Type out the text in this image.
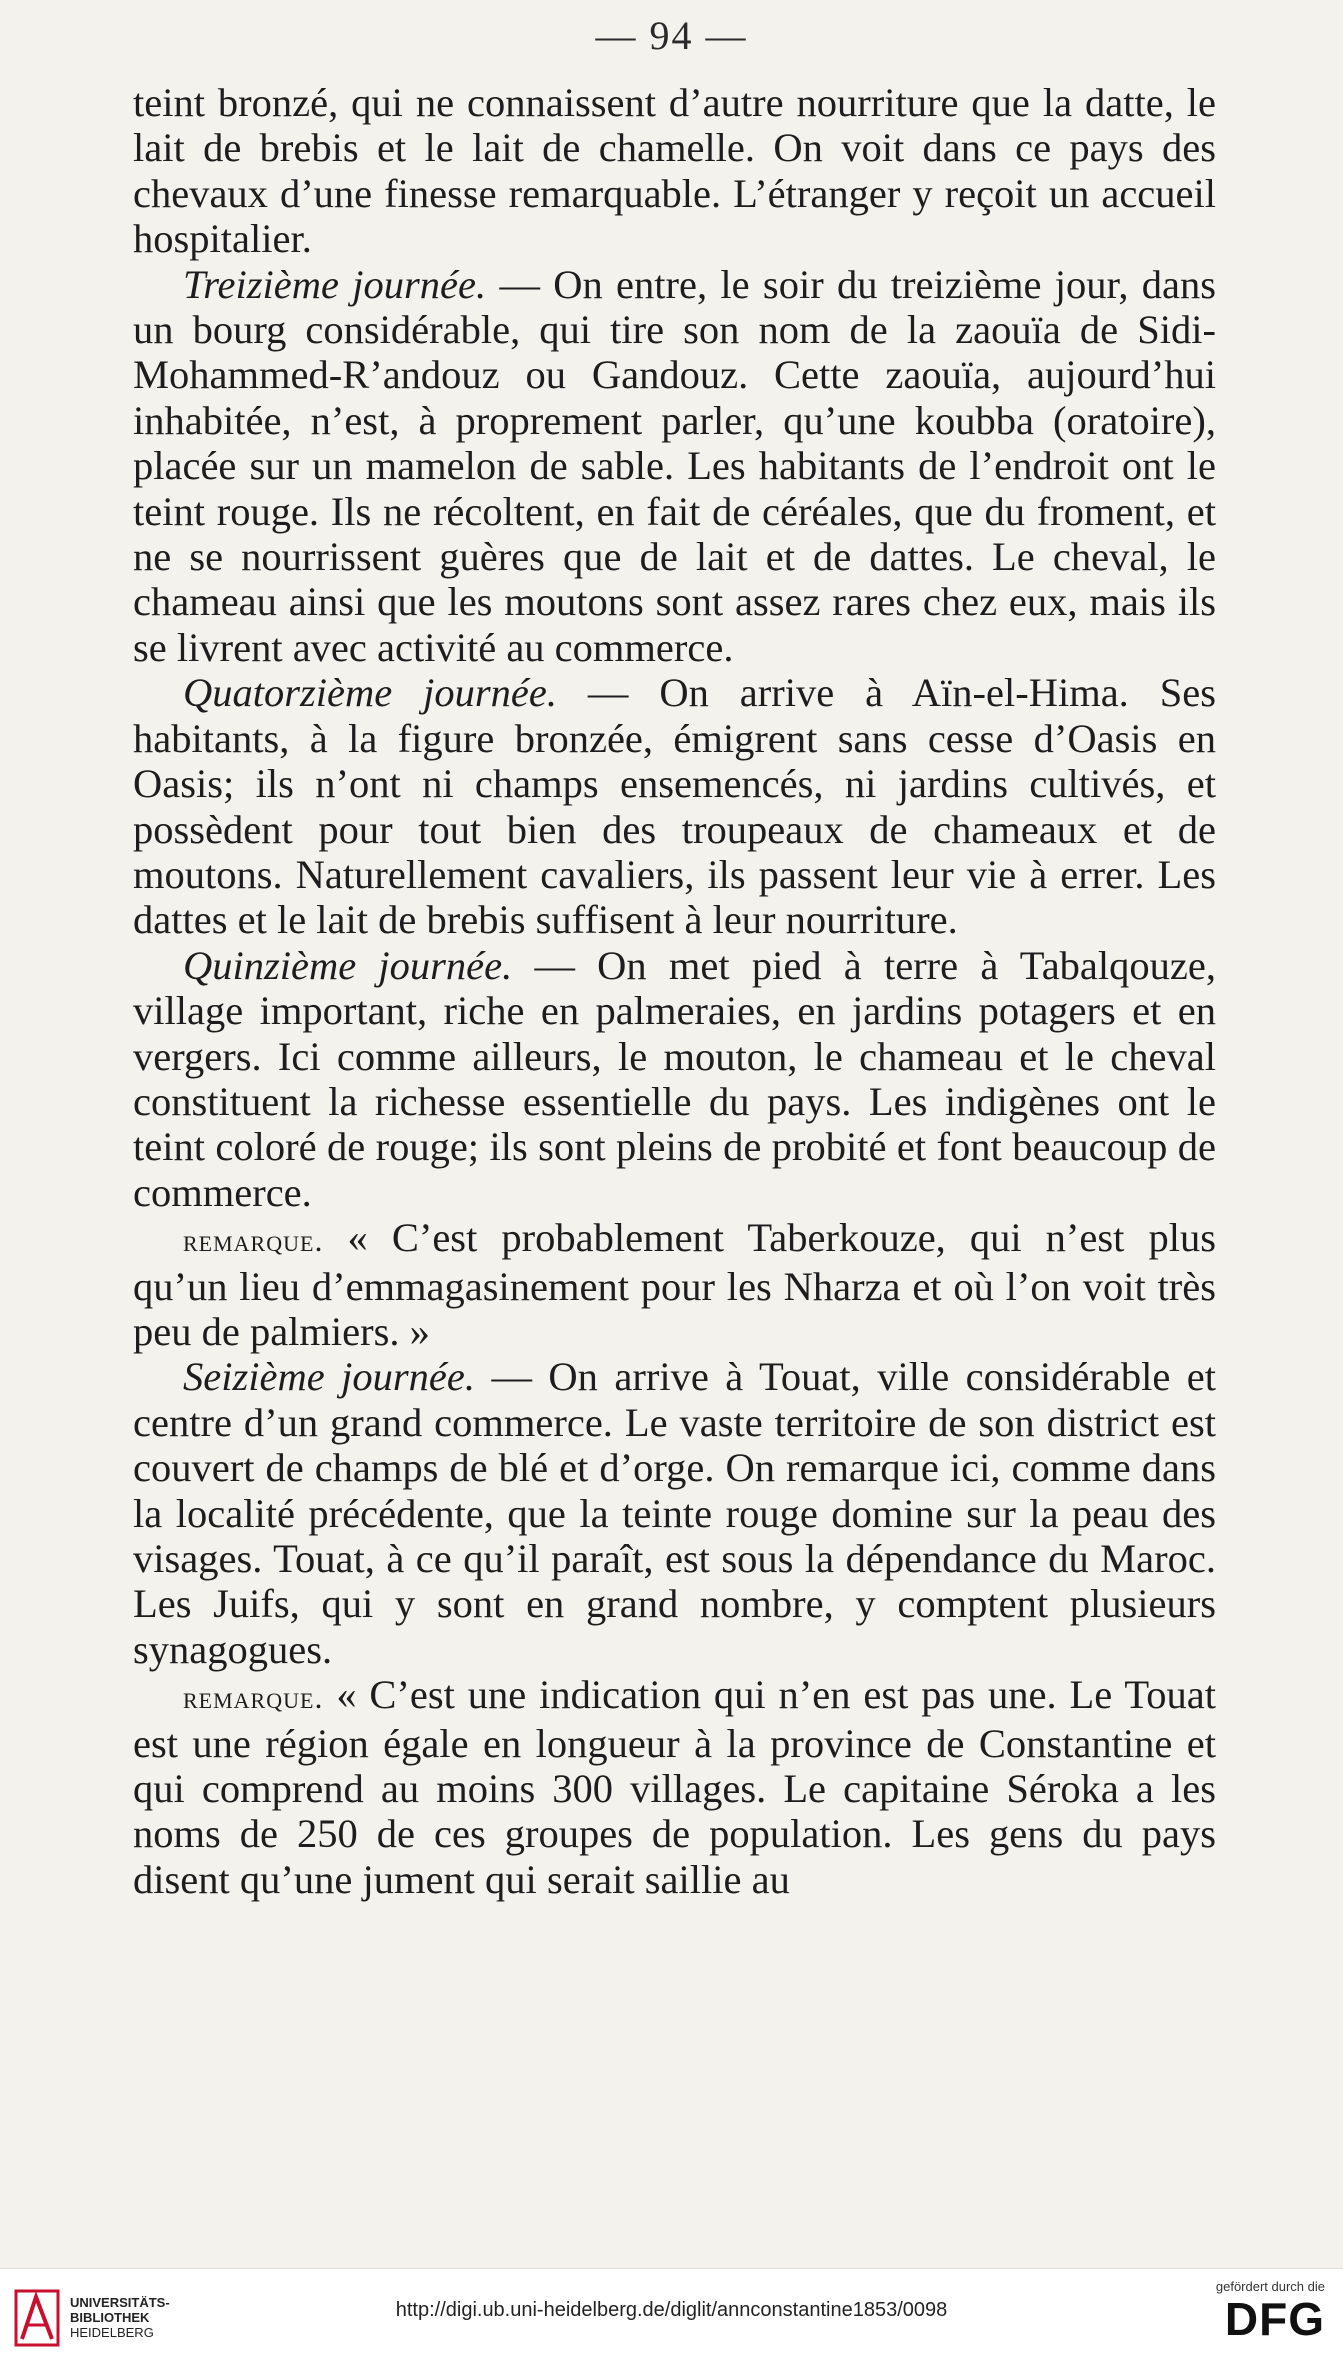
— 94 —

teint bronzé, qui ne connaissent d’autre nourriture que la datte, le lait de brebis et le lait de chamelle. On voit dans ce pays des chevaux d’une finesse remarquable. L’étranger y reçoit un accueil hospitalier.

Treizième journée. — On entre, le soir du treizième jour, dans un bourg considérable, qui tire son nom de la zaouïa de Sidi-Mohammed-R’andouz ou Gandouz. Cette zaouïa, aujourd’hui inhabitée, n’est, à proprement parler, qu’une koubba (oratoire), placée sur un mamelon de sable. Les habitants de l’endroit ont le teint rouge. Ils ne récoltent, en fait de céréales, que du froment, et ne se nourrissent guères que de lait et de dattes. Le cheval, le chameau ainsi que les moutons sont assez rares chez eux, mais ils se livrent avec activité au commerce.

Quatorzième journée. — On arrive à Aïn-el-Hima. Ses habitants, à la figure bronzée, émigrent sans cesse d’Oasis en Oasis; ils n’ont ni champs ensemencés, ni jardins cultivés, et possèdent pour tout bien des troupeaux de chameaux et de moutons. Naturellement cavaliers, ils passent leur vie à errer. Les dattes et le lait de brebis suffisent à leur nourriture.

Quinzième journée. — On met pied à terre à Tabalqouze, village important, riche en palmeraies, en jardins potagers et en vergers. Ici comme ailleurs, le mouton, le chameau et le cheval constituent la richesse essentielle du pays. Les indigènes ont le teint coloré de rouge; ils sont pleins de probité et font beaucoup de commerce.

remarque. « C’est probablement Taberkouze, qui n’est plus qu’un lieu d’emmagasinement pour les Nharza et où l’on voit très peu de palmiers. »

Seizième journée. — On arrive à Touat, ville considérable et centre d’un grand commerce. Le vaste territoire de son district est couvert de champs de blé et d’orge. On remarque ici, comme dans la localité précédente, que la teinte rouge domine sur la peau des visages. Touat, à ce qu’il paraît, est sous la dépendance du Maroc. Les Juifs, qui y sont en grand nombre, y comptent plusieurs synagogues.

remarque. « C’est une indication qui n’en est pas une. Le Touat est une région égale en longueur à la province de Constantine et qui comprend au moins 300 villages. Le capitaine Séroka a les noms de 250 de ces groupes de population. Les gens du pays disent qu’une jument qui serait saillie au

UNIVERSITÄTS-
BIBLIOTHEK
HEIDELBERG
http://digi.ub.uni-heidelberg.de/diglit/annconstantine1853/0098
gefördert durch die
DFG
